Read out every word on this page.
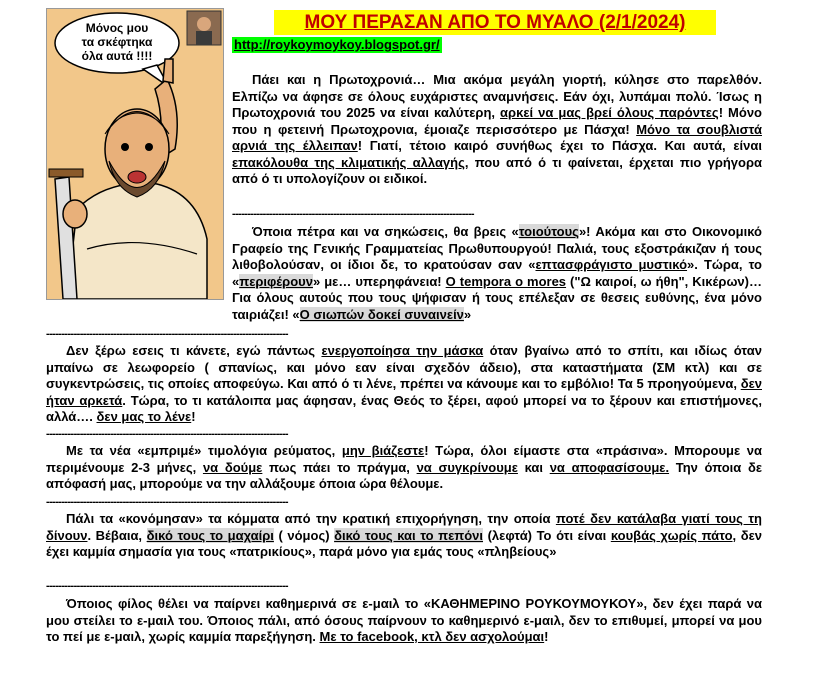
Μόνος μου
τα σκέφτηκα
όλα αυτά !!!!
ΜΟΥ ΠΕΡΑΣΑΝ ΑΠΟ ΤΟ ΜΥΑΛΟ (2/1/2024)
http://roykoymoykoy.blogspot.gr/

Πάει και η Πρωτοχρονιά… Μια ακόμα μεγάλη γιορτή, κύλησε στο παρελθόν. Ελπίζω να άφησε σε όλους ευχάριστες αναμνήσεις. Εάν όχι, λυπάμαι πολύ. Ίσως η Πρωτοχρονιά του 2025 να είναι καλύτερη, αρκεί να μας βρεί όλους παρόντες! Μόνο που η φετεινή Πρωτοχρονια, έμοιαζε περισσότερο με Πάσχα! Μόνο τα σουβλιστά αρνιά της έλλειπαν! Γιατί, τέτοιο καιρό συνήθως έχει το Πάσχα. Και αυτά, είναι επακόλουθα της κλιματικής αλλαγής, που από ό τι φαίνεται, έρχεται πιο γρήγορα από ό τι υπολογίζουν οι ειδικοί.

-------------------------------------------------------------------------------

Όποια πέτρα και να σηκώσεις, θα βρεις «τοιούτους»! Ακόμα και στο Οικονομικό Γραφείο της Γενικής Γραμματείας Πρωθυπουργού! Παλιά, τους εξοστράκιζαν ή τους λιθοβολούσαν, οι ίδιοι δε, το κρατούσαν σαν «επτασφράγιστο μυστικό». Τώρα, το «περιφέρουν» με… υπερηφάνεια! O tempora o mores ("Ω καιροί, ω ήθη", Κικέρων)… Για όλους αυτούς που τους ψήφισαν ή τους επέλεξαν σε θεσεις ευθύνης, ένα μόνο ταιριάζει! «Ο σιωπών δοκεί συναινείν»

-------------------------------------------------------------------------------

Δεν ξέρω εσεις τι κάνετε, εγώ πάντως ενεργοποίησα την μάσκα όταν βγαίνω από το σπίτι, και ιδίως όταν μπαίνω σε λεωφορείο ( σπανίως, και μόνο εαν είναι σχεδόν άδειο), στα καταστήματα (ΣΜ κτλ) και σε συγκεντρώσεις, τις οποίες αποφεύγω. Και από ό τι λένε, πρέπει να κάνουμε και το εμβόλιο! Τα 5 προηγούμενα, δεν ήταν αρκετά. Τώρα, το τι κατάλοιπα μας άφησαν, ένας Θεός το ξέρει, αφού μπορεί να το ξέρουν και επιστήμονες, αλλά…. δεν μας το λένε!

-------------------------------------------------------------------------------

Με τα νέα «εμπριμέ» τιμολόγια ρεύματος, μην βιάζεστε! Τώρα, όλοι είμαστε στα «πράσινα». Μπορουμε να περιμένουμε 2-3 μήνες, να δούμε πως πάει το πράγμα, να συγκρίνουμε και να αποφασίσουμε. Την όποια δε απόφασή μας, μπορούμε να την αλλάξουμε όποια ώρα θέλουμε.

-------------------------------------------------------------------------------

Πάλι τα «κονόμησαν» τα κόμματα από την κρατική επιχορήγηση, την οποία ποτέ δεν κατάλαβα γιατί τους τη δίνουν. Βέβαια, δικό τους το μαχαίρι ( νόμος) δικό τους και το πεπόνι (λεφτά) Το ότι είναι κουβάς χωρίς πάτο, δεν έχει καμμία σημασία για τους «πατρικίους», παρά μόνο για εμάς τους «πληβείους»

-------------------------------------------------------------------------------

Όποιος φίλος θέλει να παίρνει καθημερινά σε ε-μαιλ το «ΚΑΘΗΜΕΡΙΝΟ ΡΟΥΚΟΥΜΟΥΚΟΥ», δεν έχει παρά να μου στείλει το ε-μαιλ του. Όποιος πάλι, από όσους παίρνουν το καθημερινό ε-μαιλ, δεν το επιθυμεί, μπορεί να μου το πεί με ε-μαιλ, χωρίς καμμία παρεξήγηση. Με το facebook, κτλ δεν ασχολούμαι!
